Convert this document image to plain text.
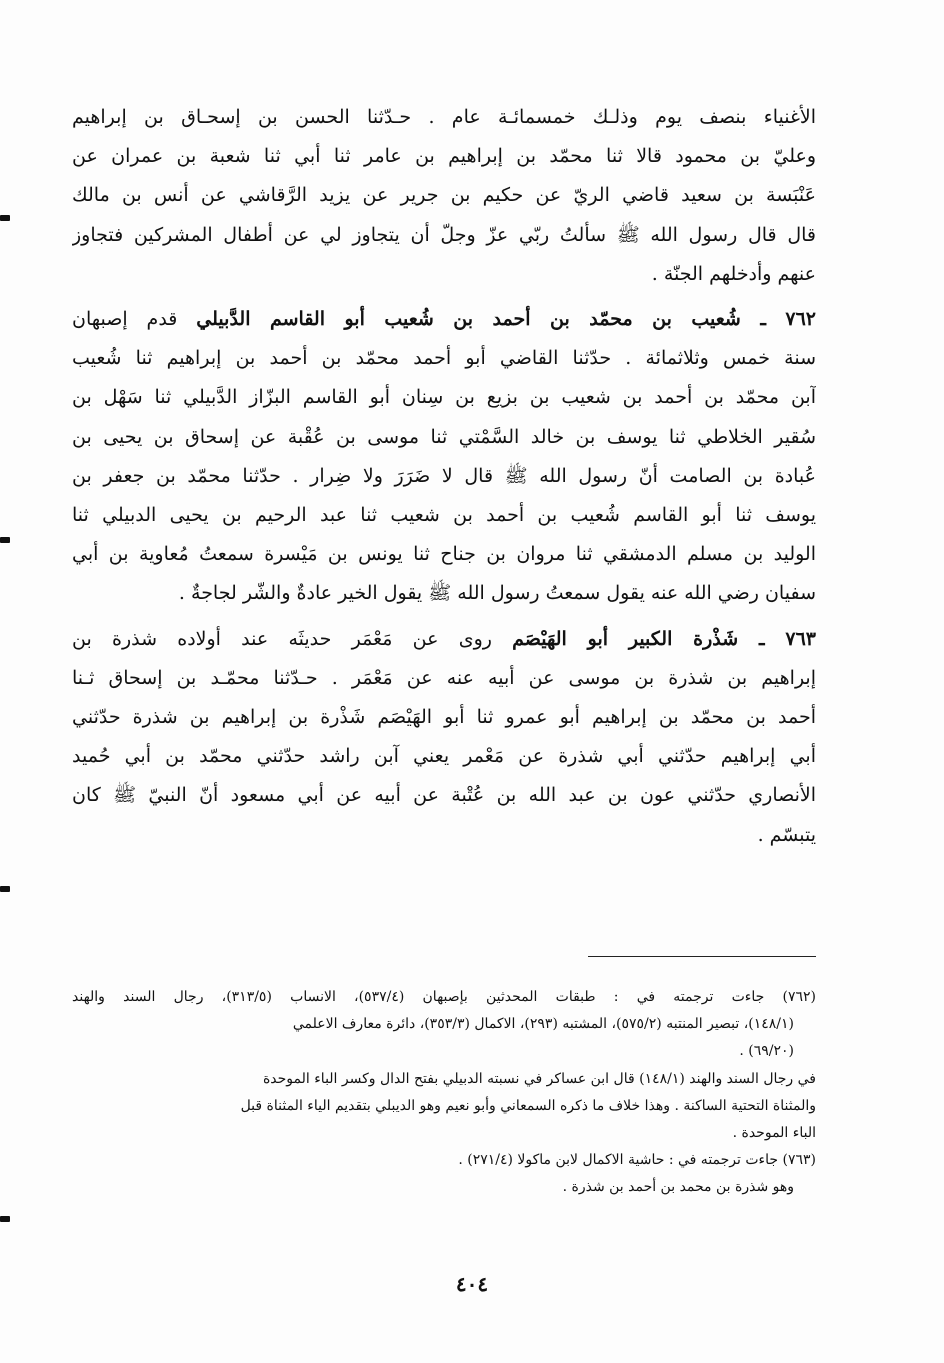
الأغنياء بنصف يوم وذلـك خمسمائـة عام . حـدّثنا الحسن بن إسحـاق بن إبراهيم
وعليّ بن محمود قالا ثنا محمّد بن إبراهيم بن عامر ثنا أبي ثنا شعبة بن عمران عن
عَنْبَسة بن سعيد قاضي الريّ عن حكيم بن جرير عن يزيد الرَّقاشي عن أنس بن مالك
قال قال رسول الله ﷺ سألتُ ربّي عزّ وجلّ أن يتجاوز لي عن أطفال المشركين فتجاوز
عنهم وأدخلهم الجنّة .

٧٦٢ ـ شُعيب بن محمّد بن أحمد بن شُعيب أبو القاسم الدَّبيلي قدم إصبهان
سنة خمس وثلاثمائة . حدّثنا القاضي أبو أحمد محمّد بن أحمد بن إبراهيم ثنا شُعيب
آبن محمّد بن أحمد بن شعيب بن بزيع بن سِنان أبو القاسم البزّاز الدَّبيلي ثنا سَهْل بن
سُقير الخلاطي ثنا يوسف بن خالد السَّمْتي ثنا موسى بن عُقْبة عن إسحاق بن يحيى بن
عُبادة بن الصامت أنّ رسول الله ﷺ قال لا ضَرَرَ ولا ضِرار . حدّثنا محمّد بن جعفر بن
يوسف ثنا أبو القاسم شُعيب بن أحمد بن شعيب ثنا عبد الرحيم بن يحيى الدبيلي ثنا
الوليد بن مسلم الدمشقي ثنا مروان بن جناح ثنا يونس بن مَيْسرة سمعتُ مُعاوية بن أبي
سفيان رضي الله عنه يقول سمعتُ رسول الله ﷺ يقول الخير عادةٌ والشّر لجاجةٌ .

٧٦٣ ـ شَذْرة الكبير أبو الهَيْصَم روى عن مَعْمَر حديثَه عند أولاده شذرة بن
إبراهيم بن شذرة بن موسى عن أبيه عنه عن مَعْمَر . حـدّثنا محمّـد بن إسحاق ثـنا
أحمد بن محمّد بن إبراهيم أبو عمرو ثنا أبو الهَيْصَم شَذْرة بن إبراهيم بن شذرة حدّثني
أبي إبراهيم حدّثني أبي شذرة عن مَعْمر يعني آبن راشد حدّثني محمّد بن أبي حُميد
الأنصاري حدّثني عون بن عبد الله بن عُتْبة عن أبيه عن أبي مسعود أنّ النبيّ ﷺ كان
يتبسّم .

(٧٦٢) جاءت ترجمته في : طبقات المحدثين بإصبهان (٥٣٧/٤)، الانساب (٣١٣/٥)، رجال السند والهند
(١٤٨/١)، تبصير المنتبه (٥٧٥/٢)، المشتبه (٢٩٣)، الاكمال (٣٥٣/٣)، دائرة معارف الاعلمي
(٦٩/٢٠) .
في رجال السند والهند (١٤٨/١) قال ابن عساكر في نسبته الدبيلي بفتح الدال وكسر الباء الموحدة
والمثناة التحتية الساكنة . وهذا خلاف ما ذكره السمعاني وأبو نعيم وهو الديبلي بتقديم الياء المثناة قبل
الباء الموحدة .
(٧٦٣) جاءت ترجمته في : حاشية الاكمال لابن ماكولا (٢٧١/٤) .
وهو شذرة بن محمد بن أحمد بن شذرة .
٤٠٤
